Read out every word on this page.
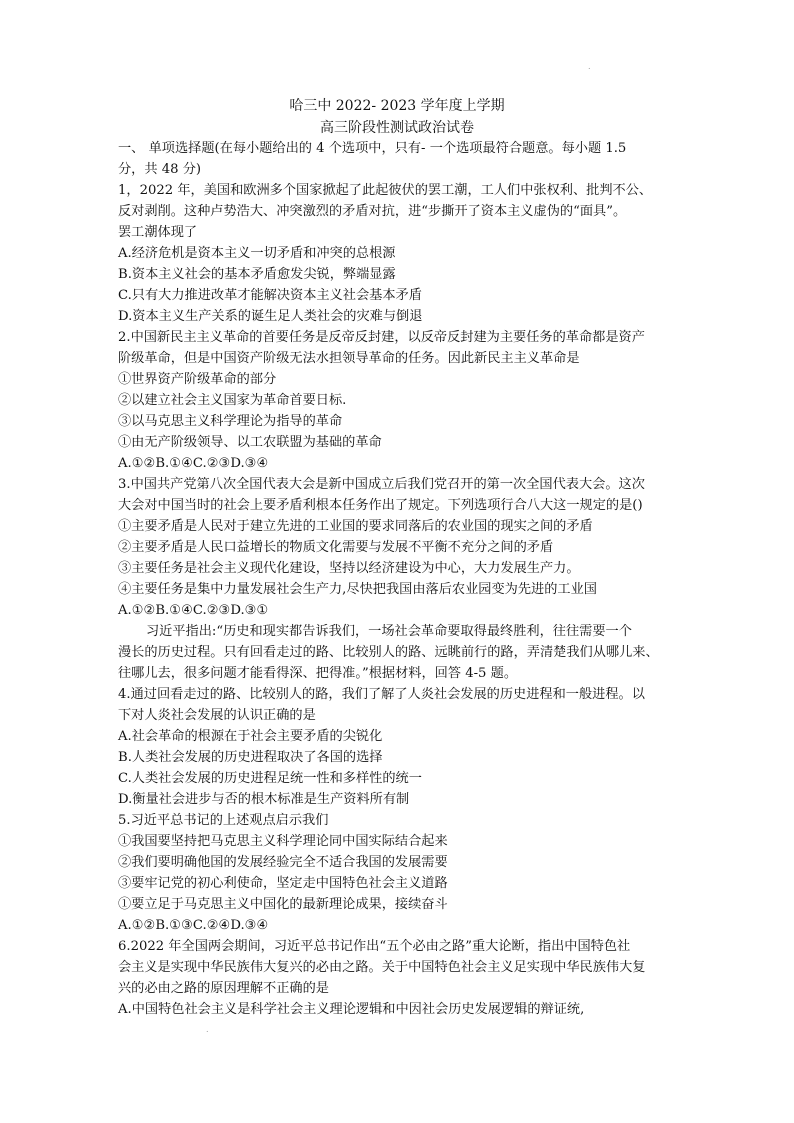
.
哈三中 2022- 2023 学年度上学期
高三阶段性测试政治试卷
一、 单项选择题(在每小题给出的 4 个选项中，只有- 一个选项最符合题意。每小题 1.5
分，共 48 分)
1，2022 年，美国和欧洲多个国家掀起了此起彼伏的罢工潮，工人们中张权利、批判不公、
反对剥削。这种卢势浩大、冲突激烈的矛盾对抗，进“步撕开了资本主义虚伪的“面具”。
罢工潮体现了
A.经济危机是资本主义一切矛盾和冲突的总根源
B.资本主义社会的基本矛盾愈发尖锐，弊端显露
C.只有大力推进改革才能解决资本主义社会基本矛盾
D.资本主义生产关系的诞生足人类社会的灾难与倒退
2.中国新民主主义革命的首要任务是反帝反封建，以反帝反封建为主要任务的革命都是资产
阶级革命，但是中国资产阶级无法水担领导革命的任务。因此新民主主义革命是
①世界资产阶级革命的部分
②以建立社会主义国家为革命首要日标.
③以马克思主义科学理论为指导的革命
①由无产阶级领导、以工农联盟为基础的革命
A.①②B.①④C.②③D.③④
3.中国共产党第八次全国代表大会是新中国成立后我们党召开的第一次全国代表大会。这次
大会对中国当时的社会上要矛盾利根本任务作出了规定。下列选项行合八大这一规定的是()
①主要矛盾是人民对于建立先进的工业国的要求同落后的农业国的现实之间的矛盾
②主要矛盾是人民口益增长的物质文化需要与发展不平衡不充分之间的矛盾
③主要任务是社会主义现代化建设，坚持以经济建设为中心，大力发展生产力。
④主要任务是集中力量发展社会生产力,尽快把我国由落后农业园变为先进的工业国
A.①②B.①④C.②③D.③①
习近平指出:“历史和现实都告诉我们，一场社会革命要取得最终胜利，往往需要一个
漫长的历史过程。只有回看走过的路、比较别人的路、远眺前行的路，弄清楚我们从哪儿来、
往哪儿去，很多问题才能看得深、把得准。”根据材料，回答 4-5 题。
4.通过回看走过的路、比较别人的路，我们了解了人炎社会发展的历史进程和一般进程。以
下对人炎社会发展的认识正确的是
A.社会革命的根源在于社会主要矛盾的尖锐化
B.人类社会发展的历史进程取决了各国的选择
C.人类社会发展的历史进程足统一性和多样性的统一
D.衡量社会进步与否的根木标准是生产资料所有制
5.习近平总书记的上述观点启示我们
①我国要坚持把马克思主义科学理论同中国实际结合起来
②我们要明确他国的发展经验完全不适合我国的发展需要
③要牢记党的初心利使命，坚定走中国特色社会主义道路
①要立足于马克思主义中国化的最新理论成果，接续奋斗
A.①②B.①③C.②④D.③④
6.2022 年全国两会期间，习近平总书记作出“五个必由之路”重大论断，指出中国特色社
会主义是实现中华民族伟大复兴的必由之路。关于中国特色社会主义足实现中华民族伟大复
兴的必由之路的原因理解不正确的是
A.中国特色社会主义是科学社会主义理论逻辑和中因社会历史发展逻辑的辩证统,
.
